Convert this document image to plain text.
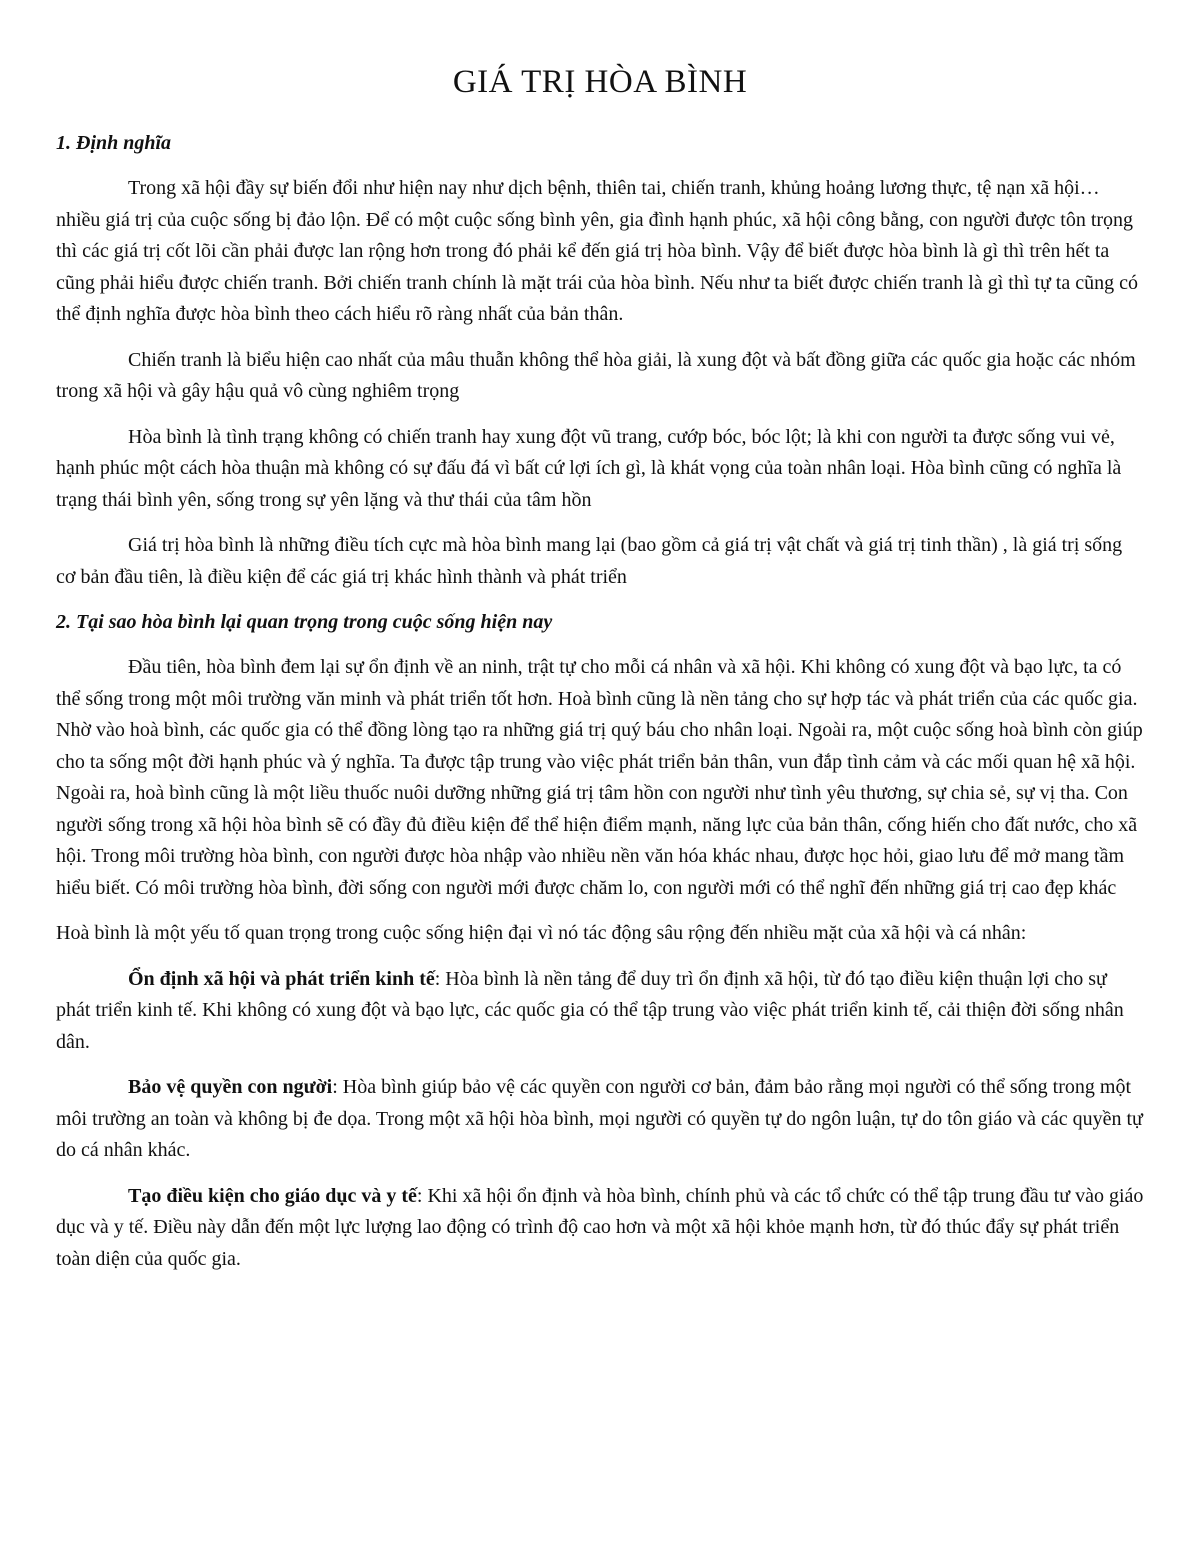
GIÁ TRỊ HÒA BÌNH
1. Định nghĩa

Trong xã hội đầy sự biến đổi như hiện nay như dịch bệnh, thiên tai, chiến tranh, khủng hoảng lương thực, tệ nạn xã hội… nhiều giá trị của cuộc sống bị đảo lộn. Để có một cuộc sống bình yên, gia đình hạnh phúc, xã hội công bằng, con người được tôn trọng thì các giá trị cốt lõi cần phải được lan rộng hơn trong đó phải kể đến giá trị hòa bình. Vậy để biết được hòa bình là gì thì trên hết ta cũng phải hiểu được chiến tranh. Bởi chiến tranh chính là mặt trái của hòa bình. Nếu như ta biết được chiến tranh là gì thì tự ta cũng có thể định nghĩa được hòa bình theo cách hiểu rõ ràng nhất của bản thân.

Chiến tranh là biểu hiện cao nhất của mâu thuẫn không thể hòa giải, là xung đột và bất đồng giữa các quốc gia hoặc các nhóm trong xã hội và gây hậu quả vô cùng nghiêm trọng

Hòa bình là tình trạng không có chiến tranh hay xung đột vũ trang, cướp bóc, bóc lột; là khi con người ta được sống vui vẻ, hạnh phúc một cách hòa thuận mà không có sự đấu đá vì bất cứ lợi ích gì, là khát vọng của toàn nhân loại. Hòa bình cũng có nghĩa là trạng thái bình yên, sống trong sự yên lặng và thư thái của tâm hồn

Giá trị hòa bình là những điều tích cực mà hòa bình mang lại (bao gồm cả giá trị vật chất và giá trị tinh thần) , là giá trị sống cơ bản đầu tiên, là điều kiện để các giá trị khác hình thành và phát triển

2. Tại sao hòa bình lại quan trọng trong cuộc sống hiện nay

Đầu tiên, hòa bình đem lại sự ổn định về an ninh, trật tự cho mỗi cá nhân và xã hội. Khi không có xung đột và bạo lực, ta có thể sống trong một môi trường văn minh và phát triển tốt hơn. Hoà bình cũng là nền tảng cho sự hợp tác và phát triển của các quốc gia. Nhờ vào hoà bình, các quốc gia có thể đồng lòng tạo ra những giá trị quý báu cho nhân loại. Ngoài ra, một cuộc sống hoà bình còn giúp cho ta sống một đời hạnh phúc và ý nghĩa. Ta được tập trung vào việc phát triển bản thân, vun đắp tình cảm và các mối quan hệ xã hội. Ngoài ra, hoà bình cũng là một liều thuốc nuôi dưỡng những giá trị tâm hồn con người như tình yêu thương, sự chia sẻ, sự vị tha. Con người sống trong xã hội hòa bình sẽ có đầy đủ điều kiện để thể hiện điểm mạnh, năng lực của bản thân, cống hiến cho đất nước, cho xã hội. Trong môi trường hòa bình, con người được hòa nhập vào nhiều nền văn hóa khác nhau, được học hỏi, giao lưu để mở mang tầm hiểu biết. Có môi trường hòa bình, đời sống con người mới được chăm lo, con người mới có thể nghĩ đến những giá trị cao đẹp khác

Hoà bình là một yếu tố quan trọng trong cuộc sống hiện đại vì nó tác động sâu rộng đến nhiều mặt của xã hội và cá nhân:

Ổn định xã hội và phát triển kinh tế: Hòa bình là nền tảng để duy trì ổn định xã hội, từ đó tạo điều kiện thuận lợi cho sự phát triển kinh tế. Khi không có xung đột và bạo lực, các quốc gia có thể tập trung vào việc phát triển kinh tế, cải thiện đời sống nhân dân.

Bảo vệ quyền con người: Hòa bình giúp bảo vệ các quyền con người cơ bản, đảm bảo rằng mọi người có thể sống trong một môi trường an toàn và không bị đe dọa. Trong một xã hội hòa bình, mọi người có quyền tự do ngôn luận, tự do tôn giáo và các quyền tự do cá nhân khác.

Tạo điều kiện cho giáo dục và y tế: Khi xã hội ổn định và hòa bình, chính phủ và các tổ chức có thể tập trung đầu tư vào giáo dục và y tế. Điều này dẫn đến một lực lượng lao động có trình độ cao hơn và một xã hội khỏe mạnh hơn, từ đó thúc đẩy sự phát triển toàn diện của quốc gia.
